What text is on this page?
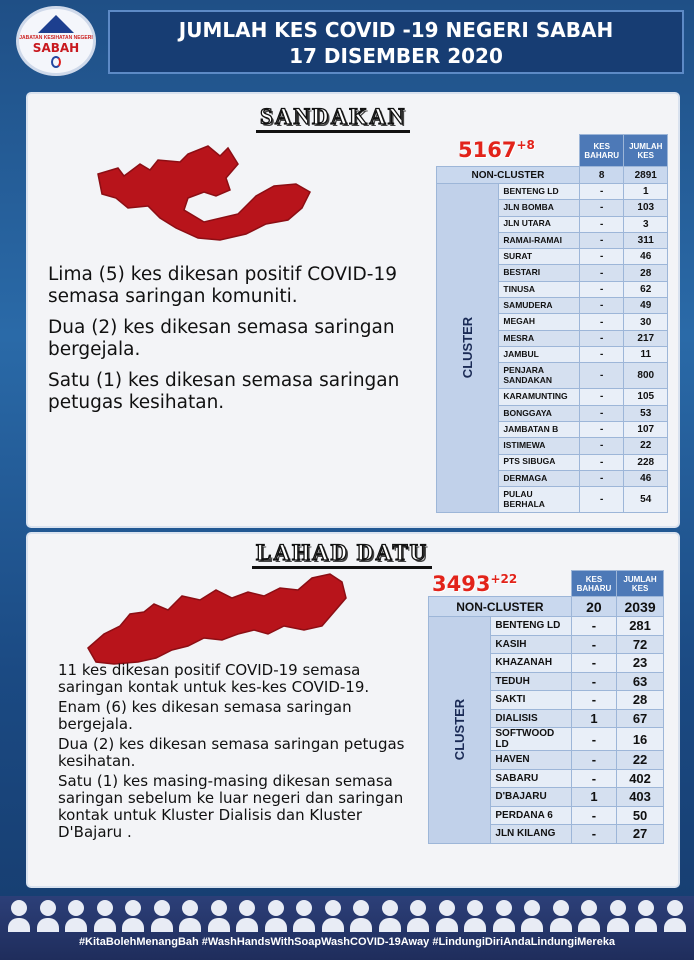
JABATAN KESIHATAN NEGERI
SABAH
JUMLAH KES COVID -19 NEGERI SABAH
17 DISEMBER 2020
SANDAKAN
$5167^{+8}$

Lima (5) kes dikesan positif COVID-19 semasa saringan komuniti.

Dua (2) kes dikesan semasa saringan bergejala.

Satu (1) kes dikesan semasa saringan petugas kesihatan.

		KES BAHARU	JUMLAH KES
NON-CLUSTER		8	2891
CLUSTER	BENTENG LD	-	1
	JLN BOMBA	-	103
	JLN UTARA	-	3
	RAMAI-RAMAI	-	311
	SURAT	-	46
	BESTARI	-	28
	TINUSA	-	62
	SAMUDERA	-	49
	MEGAH	-	30
	MESRA	-	217
	JAMBUL	-	11
	PENJARA SANDAKAN	-	800
	KARAMUNTING	-	105
	BONGGAYA	-	53
	JAMBATAN B	-	107
	ISTIMEWA	-	22
	PTS SIBUGA	-	228
	DERMAGA	-	46
	PULAU BERHALA	-	54
LAHAD DATU
$3493^{+22}$

11 kes dikesan positif COVID-19 semasa saringan kontak untuk kes-kes COVID-19.

Enam (6) kes dikesan semasa saringan bergejala.

Dua (2) kes dikesan semasa saringan petugas kesihatan.

Satu (1) kes masing-masing dikesan semasa saringan sebelum ke luar negeri dan saringan kontak untuk Kluster Dialisis dan Kluster D'Bajaru .

		KES BAHARU	JUMLAH KES
NON-CLUSTER		20	2039
CLUSTER	BENTENG LD	-	281
	KASIH	-	72
	KHAZANAH	-	23
	TEDUH	-	63
	SAKTI	-	28
	DIALISIS	1	67
	SOFTWOOD LD	-	16
	HAVEN	-	22
	SABARU	-	402
	D'BAJARU	1	403
	PERDANA 6	-	50
	JLN KILANG	-	27
#KitaBolehMenangBah #WashHandsWithSoapWashCOVID-19Away #LindungiDiriAndaLindungiMereka
